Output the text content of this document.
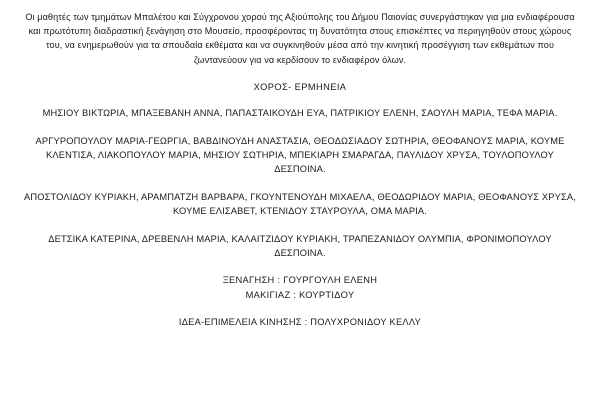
Οι μαθητές των τμημάτων Μπαλέτου και Σύγχρονου χορού της Αξιούπολης του Δήμου Παιονίας συνεργάστηκαν για μια ενδιαφέρουσα και πρωτότυπη διαδραστική ξενάγηση στο Μουσείο, προσφέροντας τη δυνατότητα στους επισκέπτες να περιηγηθούν στους χώρους του, να ενημερωθούν για τα σπουδαία εκθέματα και να συγκινηθούν μέσα από την κινητική προσέγγιση των εκθεμάτων που ζωντανεύουν για να κερδίσουν το ενδιαφέρον όλων.

ΧΟΡΟΣ- ΕΡΜΗΝΕΙΑ

ΜΗΣΙΟΥ ΒΙΚΤΩΡΙΑ, ΜΠΑΞΕΒΑΝΗ ΑΝΝΑ, ΠΑΠΑΣΤΑΙΚΟΥΔΗ ΕΥΑ, ΠΑΤΡΙΚΙΟΥ ΕΛΕΝΗ, ΣΑΟΥΛΗ ΜΑΡΙΑ, ΤΕΦΑ ΜΑΡΙΑ.

ΑΡΓΥΡΟΠΟΥΛΟΥ ΜΑΡΙΑ-ΓΕΩΡΓΙΑ, ΒΑΒΔΙΝΟΥΔΗ ΑΝΑΣΤΑΣΙΑ, ΘΕΟΔΩΣΙΑΔΟΥ ΣΩΤΗΡΙΑ, ΘΕΟΦΑΝΟΥΣ ΜΑΡΙΑ, ΚΟΥΜΕ ΚΛΕΝΤΙΣΑ, ΛΙΑΚΟΠΟΥΛΟΥ ΜΑΡΙΑ, ΜΗΣΙΟΥ ΣΩΤΗΡΙΑ, ΜΠΕΚΙΑΡΗ ΣΜΑΡΑΓΔΑ, ΠΑΥΛΙΔΟΥ ΧΡΥΣΑ, ΤΟΥΛΟΠΟΥΛΟΥ ΔΕΣΠΟΙΝΑ.

ΑΠΟΣΤΟΛΙΔΟΥ ΚΥΡΙΑΚΗ, ΑΡΑΜΠΑΤΖΗ ΒΑΡΒΑΡΑ, ΓΚΟΥΝΤΕΝΟΥΔΗ ΜΙΧΑΕΛΑ, ΘΕΟΔΩΡΙΔΟΥ ΜΑΡΙΑ, ΘΕΟΦΑΝΟΥΣ ΧΡΥΣΑ, ΚΟΥΜΕ ΕΛΙΣΑΒΕΤ, ΚΤΕΝΙΔΟΥ ΣΤΑΥΡΟΥΛΑ, ΟΜΑ ΜΑΡΙΑ.

ΔΕΤΣΙΚΑ ΚΑΤΕΡΙΝΑ, ΔΡΕΒΕΝΛΗ ΜΑΡΙΑ, ΚΑΛΑΙΤΖΙΔΟΥ ΚΥΡΙΑΚΗ, ΤΡΑΠΕΖΑΝΙΔΟΥ ΟΛΥΜΠΙΑ, ΦΡΟΝΙΜΟΠΟΥΛΟΥ ΔΕΣΠΟΙΝΑ.

ΞΕΝΑΓΗΣΗ : ΓΟΥΡΓΟΥΛΗ ΕΛΕΝΗ

ΜΑΚΙΓΙΑΖ : ΚΟΥΡΤΙΔΟΥ

ΙΔΕΑ-ΕΠΙΜΕΛΕΙΑ ΚΙΝΗΣΗΣ : ΠΟΛΥΧΡΟΝΙΔΟΥ ΚΕΛΛΥ
